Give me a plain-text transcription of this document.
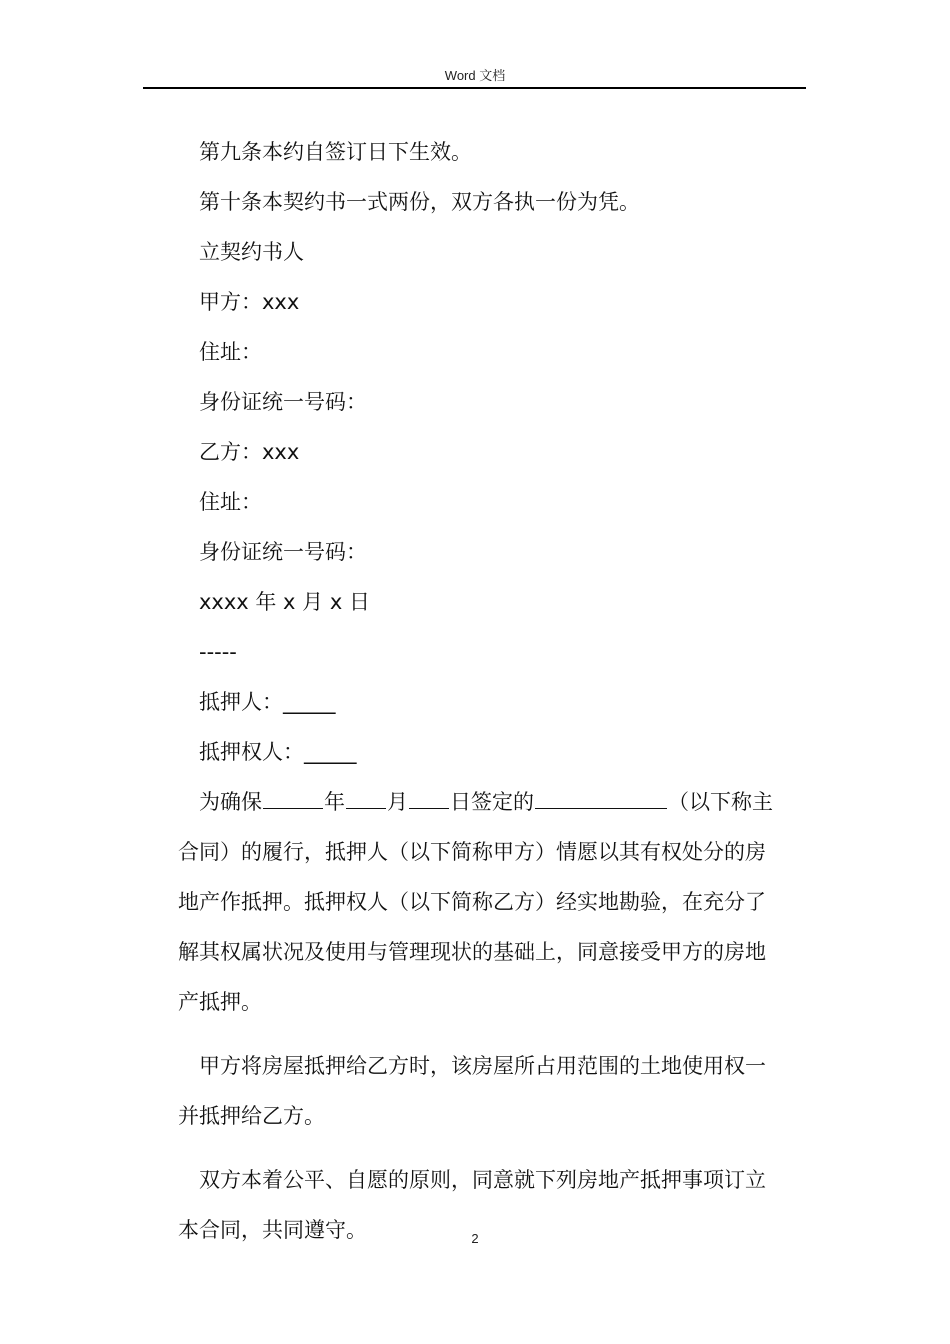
Word 文档
第九条本约自签订日下生效。
第十条本契约书一式两份，双方各执一份为凭。
立契约书人
甲方：xxx
住址：
身份证统一号码：
乙方：xxx
住址：
身份证统一号码：
xxxx 年 x 月 x 日
-----
抵押人：_____
抵押权人：_____
为确保	年 月 日签定的	（以下称主
合同）的履行，抵押人（以下简称甲方）情愿以其有权处分的房
地产作抵押。抵押权人（以下简称乙方）经实地勘验，在充分了
解其权属状况及使用与管理现状的基础上，同意接受甲方的房地
产抵押。
甲方将房屋抵押给乙方时，该房屋所占用范围的土地使用权一
并抵押给乙方。
双方本着公平、自愿的原则，同意就下列房地产抵押事项订立
本合同，共同遵守。	2
